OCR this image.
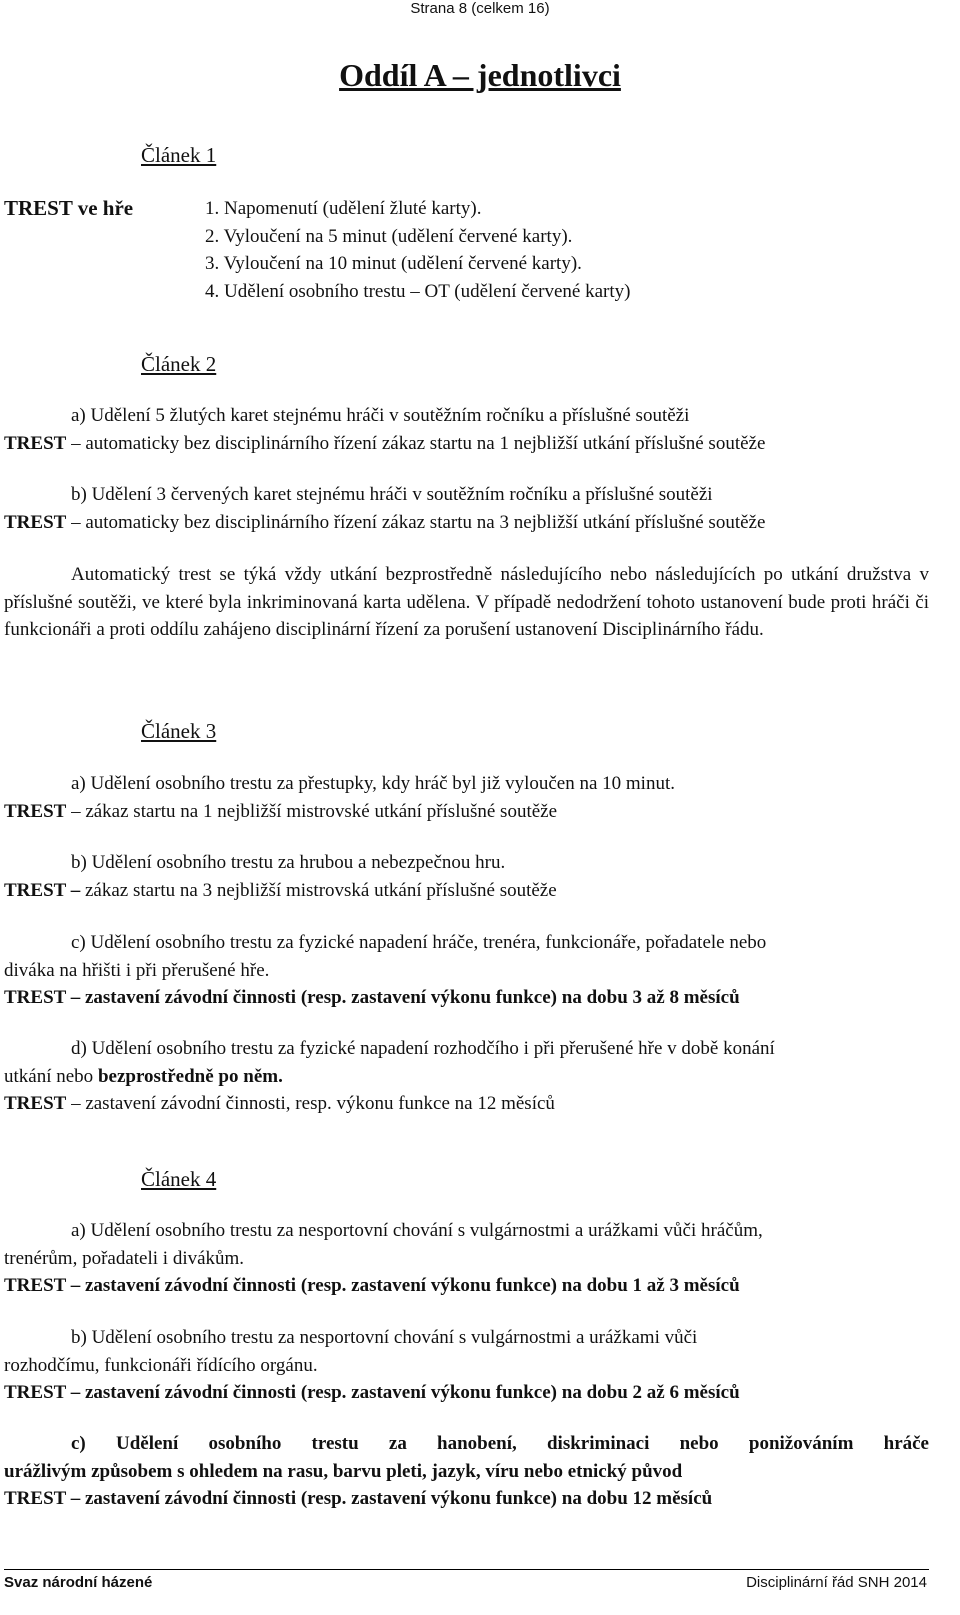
Strana 8 (celkem 16)
Oddíl A – jednotlivci
Článek 1
TREST ve hře	1. Napomenutí (udělení žluté karty).
2. Vyloučení na 5 minut (udělení červené karty).
3. Vyloučení na 10 minut (udělení červené karty).
4. Udělení osobního trestu – OT (udělení červené karty)
Článek 2
a) Udělení 5 žlutých karet stejnému hráči v soutěžním ročníku a příslušné soutěži
TREST – automaticky bez disciplinárního řízení zákaz startu na 1 nejbližší utkání příslušné soutěže
b) Udělení 3 červených karet stejnému hráči v soutěžním ročníku a příslušné soutěži
TREST – automaticky bez disciplinárního řízení zákaz startu na 3 nejbližší utkání příslušné soutěže
Automatický trest se týká vždy utkání bezprostředně následujícího nebo následujících po utkání družstva v příslušné soutěži, ve které byla inkriminovaná karta udělena. V případě nedodržení tohoto ustanovení bude proti hráči či funkcionáři a proti oddílu zahájeno disciplinární řízení za porušení ustanovení Disciplinárního řádu.
Článek 3
a) Udělení osobního trestu za přestupky, kdy hráč byl již vyloučen na 10 minut.
TREST – zákaz startu na 1 nejbližší mistrovské utkání příslušné soutěže
b) Udělení osobního trestu za hrubou a nebezpečnou hru.
TREST – zákaz startu na 3 nejbližší mistrovská utkání příslušné soutěže
c) Udělení osobního trestu za fyzické napadení hráče, trenéra, funkcionáře, pořadatele nebo
diváka na hřišti i při přerušené hře.
TREST – zastavení závodní činnosti (resp. zastavení výkonu funkce) na dobu 3 až 8 měsíců
d) Udělení osobního trestu za fyzické napadení rozhodčího i při přerušené hře v době konání
utkání nebo bezprostředně po něm.
TREST – zastavení závodní činnosti, resp. výkonu funkce na 12 měsíců
Článek 4
a) Udělení osobního trestu za nesportovní chování s vulgárnostmi a urážkami vůči hráčům,
trenérům, pořadateli i divákům.
TREST – zastavení závodní činnosti (resp. zastavení výkonu funkce) na dobu 1 až 3 měsíců
b) Udělení osobního trestu za nesportovní chování s vulgárnostmi a urážkami vůči
rozhodčímu, funkcionáři řídícího orgánu.
TREST – zastavení závodní činnosti (resp. zastavení výkonu funkce) na dobu 2 až 6 měsíců
c) Udělení osobního trestu za hanobení, diskriminaci nebo ponižováním hráče
urážlivým způsobem s ohledem na rasu, barvu pleti, jazyk, víru nebo etnický původ
TREST – zastavení závodní činnosti (resp. zastavení výkonu funkce) na dobu 12 měsíců
Svaz národní házené	Disciplinární řád SNH 2014
